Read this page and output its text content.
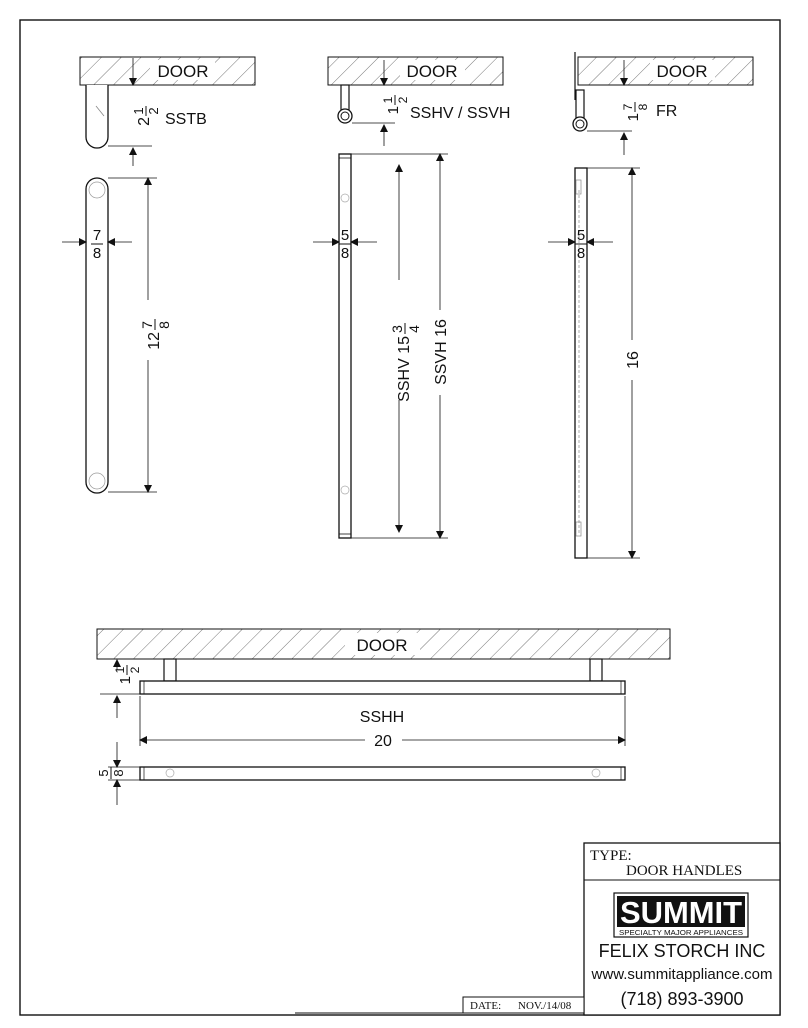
DOOR
2
1 2 SSTB
12
7 8
7
8
DOOR
1
1 2
SSHV / SSVH
5
8
SSHV 15
3 4 SSVH 16
DOOR
1
7 8 FR
5
8
16
DOOR
1
1 2
SSHH
20
5 8
TYPE:
DOOR HANDLES
SUMMIT
SPECIALTY MAJOR APPLIANCES
FELIX STORCH INC
www.summitappliance.com
(718) 893-3900
DATE: NOV./14/08
